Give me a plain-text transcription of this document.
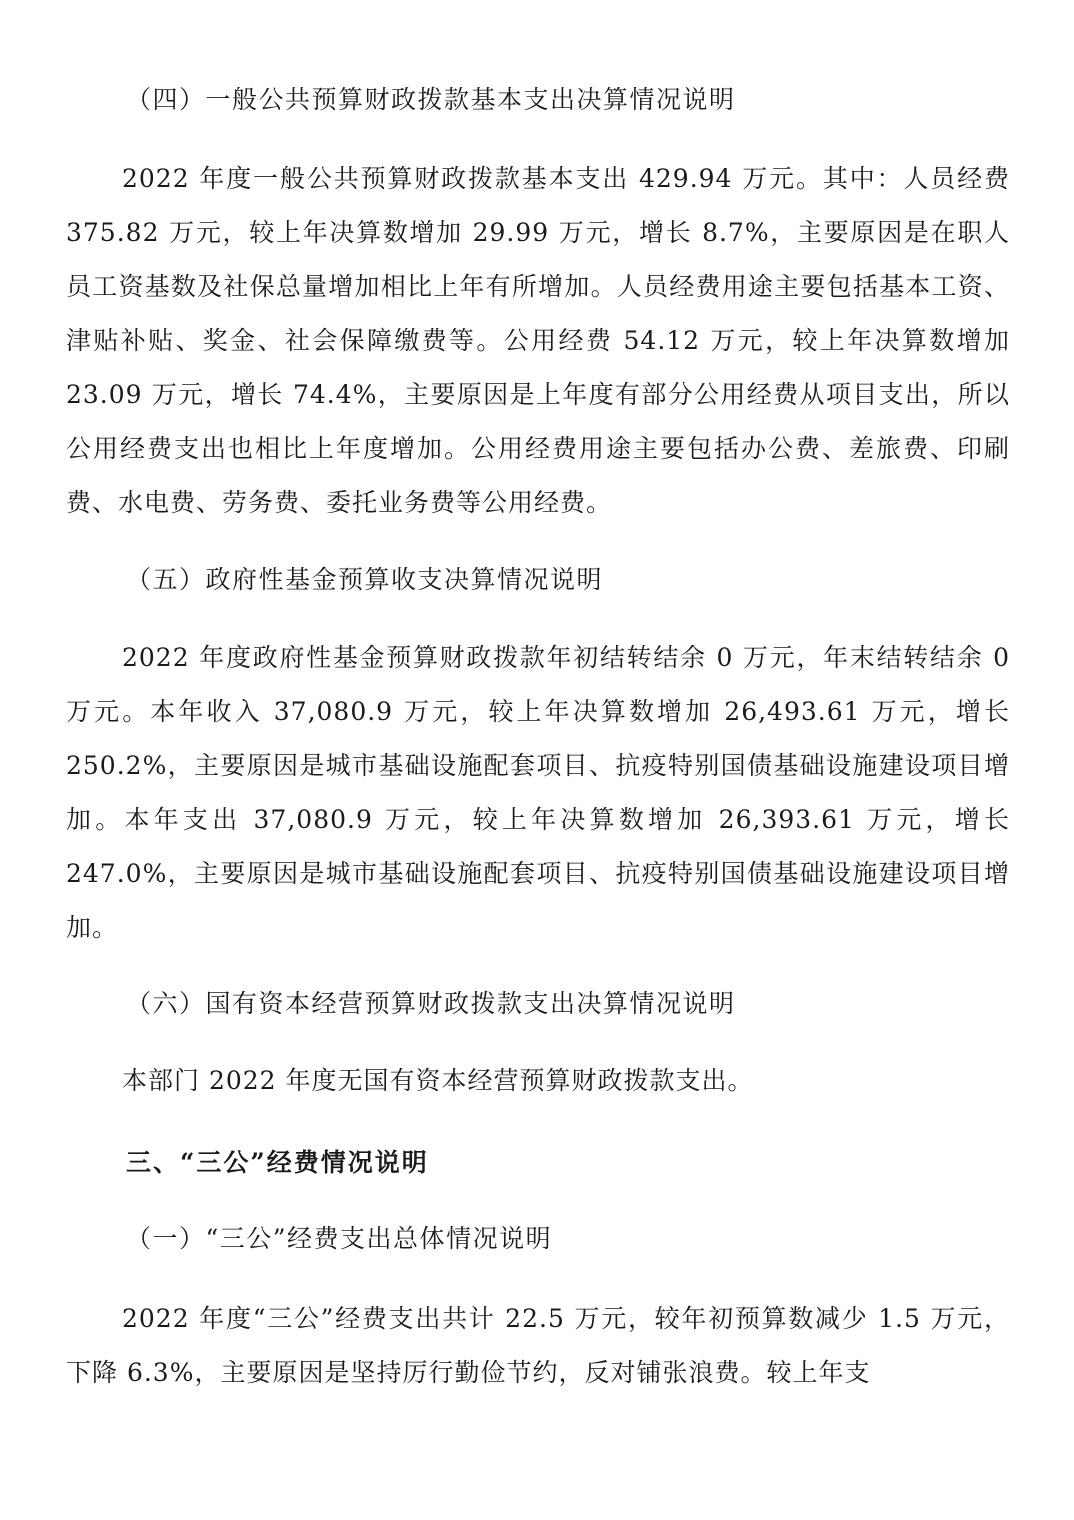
（四）一般公共预算财政拨款基本支出决算情况说明

2022 年度一般公共预算财政拨款基本支出 429.94 万元。其中：人员经费 375.82 万元，较上年决算数增加 29.99 万元，增长 8.7%，主要原因是在职人员工资基数及社保总量增加相比上年有所增加。人员经费用途主要包括基本工资、津贴补贴、奖金、社会保障缴费等。公用经费 54.12 万元，较上年决算数增加 23.09 万元，增长 74.4%，主要原因是上年度有部分公用经费从项目支出，所以公用经费支出也相比上年度增加。公用经费用途主要包括办公费、差旅费、印刷费、水电费、劳务费、委托业务费等公用经费。

（五）政府性基金预算收支决算情况说明

2022 年度政府性基金预算财政拨款年初结转结余 0 万元，年末结转结余 0 万元。本年收入 37,080.9 万元，较上年决算数增加 26,493.61 万元，增长 250.2%，主要原因是城市基础设施配套项目、抗疫特别国债基础设施建设项目增加。本年支出 37,080.9 万元，较上年决算数增加 26,393.61 万元，增长 247.0%，主要原因是城市基础设施配套项目、抗疫特别国债基础设施建设项目增加。

（六）国有资本经营预算财政拨款支出决算情况说明

本部门 2022 年度无国有资本经营预算财政拨款支出。

三、“三公”经费情况说明

（一）“三公”经费支出总体情况说明

2022 年度“三公”经费支出共计 22.5 万元，较年初预算数减少 1.5 万元，下降 6.3%，主要原因是坚持厉行勤俭节约，反对铺张浪费。较上年支
